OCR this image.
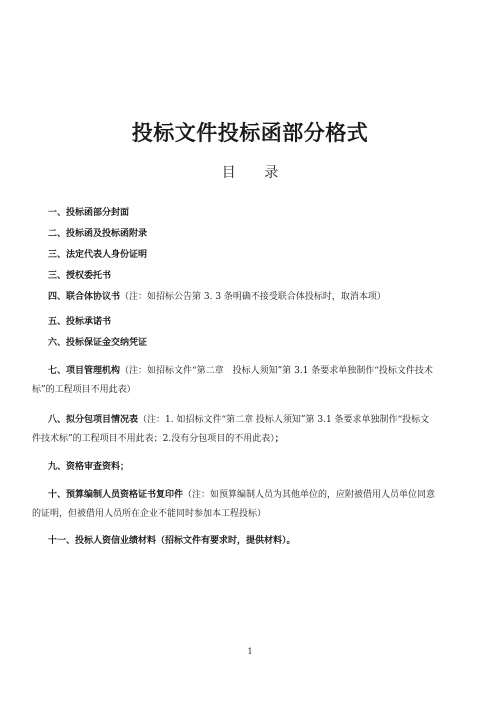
投标文件投标函部分格式
目 录

一、投标函部分封面

二、投标函及投标函附录

三、法定代表人身份证明

三、授权委托书

四、联合体协议书（注：如招标公告第 3. 3 条明确不接受联合体投标时，取消本项）

五、投标承诺书

六、投标保证金交纳凭证

七、项目管理机构（注：如招标文件“第二章　投标人须知”第 3.1 条要求单独制作“投标文件技术
标”的工程项目不用此表）

八、拟分包项目情况表（注：1. 如招标文件“第二章 投标人须知”第 3.1 条要求单独制作“投标文
件技术标”的工程项目不用此表；2.没有分包项目的不用此表）；

九、资格审查资料；

十、预算编制人员资格证书复印件（注：如预算编制人员为其他单位的，应附被借用人员单位同意
的证明，但被借用人员所在企业不能同时参加本工程投标）

十一、投标人资信业绩材料（招标文件有要求时，提供材料）。

1
